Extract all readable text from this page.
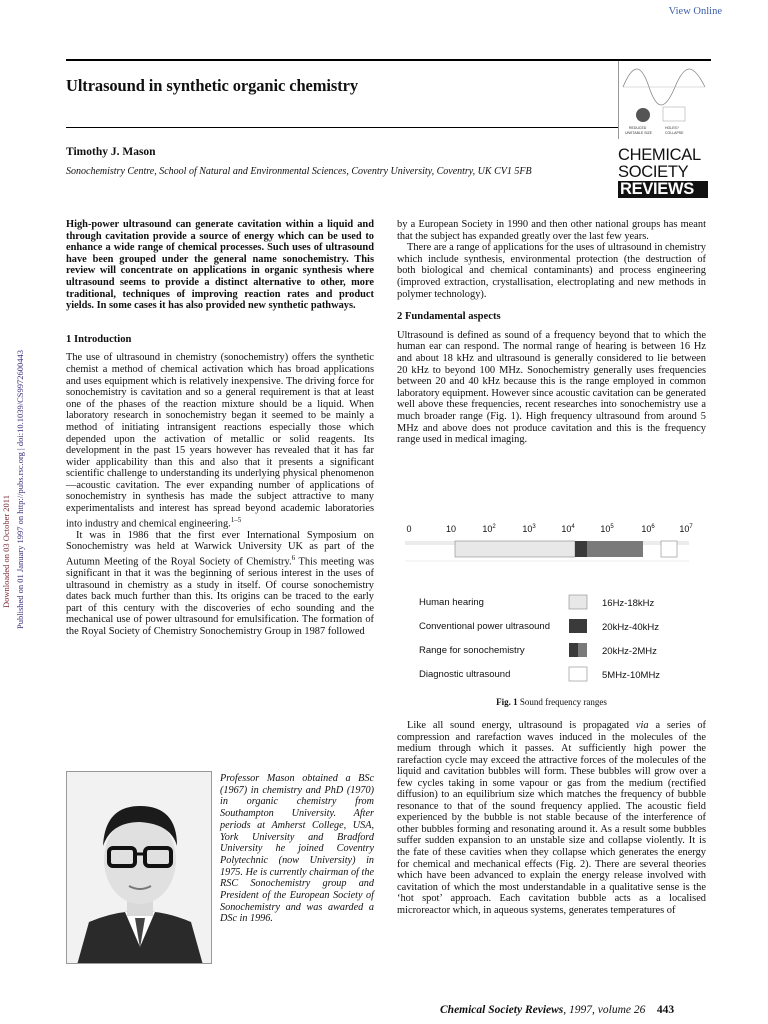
View Online
Ultrasound in synthetic organic chemistry
Timothy J. Mason
Sonochemistry Centre, School of Natural and Environmental Sciences, Coventry University, Coventry, UK CV1 5FB
REDUCED	HOLES?
UNSTABLE SIZE	COLLAPSE
CHEMICAL
SOCIETY
REVIEWS
Downloaded on 03 October 2011 Published on 01 January 1997 on http://pubs.rsc.org | doi:10.1039/CS9972600443

High-power ultrasound can generate cavitation within a liquid and through cavitation provide a source of energy which can be used to enhance a wide range of chemical processes. Such uses of ultrasound have been grouped under the general name sonochemistry. This review will concentrate on applications in organic synthesis where ultrasound seems to provide a distinct alternative to other, more traditional, techniques of improving reaction rates and product yields. In some cases it has also provided new synthetic pathways.

1 Introduction

The use of ultrasound in chemistry (sonochemistry) offers the synthetic chemist a method of chemical activation which has broad applications and uses equipment which is relatively inexpensive. The driving force for sonochemistry is cavitation and so a general requirement is that at least one of the phases of the reaction mixture should be a liquid. When laboratory research in sonochemistry began it seemed to be mainly a method of initiating intransigent reactions especially those which depended upon the activation of metallic or solid reagents. Its development in the past 15 years however has revealed that it has far wider applicability than this and also that it presents a significant scientific challenge to understanding its underlying physical phenomenon—acoustic cavitation. The ever expanding number of applications of sonochemistry in synthesis has made the subject attractive to many experimentalists and interest has spread beyond academic laboratories into industry and chemical engineering.$^{1-5}$

It was in 1986 that the first ever International Symposium on Sonochemistry was held at Warwick University UK as part of the Autumn Meeting of the Royal Society of Chemistry.$^6$ This meeting was significant in that it was the beginning of serious interest in the uses of ultrasound in chemistry as a study in itself. Of course sonochemistry dates back much further than this. Its origins can be traced to the early part of this century with the discoveries of echo sounding and the mechanical use of power ultrasound for emulsification. The formation of the Royal Society of Chemistry Sonochemistry Group in 1987 followed

by a European Society in 1990 and then other national groups has meant that the subject has expanded greatly over the last few years.

There are a range of applications for the uses of ultrasound in chemistry which include synthesis, environmental protection (the destruction of both biological and chemical contaminants) and process engineering (improved extraction, crystallisation, electroplating and new methods in polymer technology).

2 Fundamental aspects

Ultrasound is defined as sound of a frequency beyond that to which the human ear can respond. The normal range of hearing is between 16 Hz and about 18 kHz and ultrasound is generally considered to lie between 20 kHz to beyond 100 MHz. Sonochemistry generally uses frequencies between 20 and 40 kHz because this is the range employed in common laboratory equipment. However since acoustic cavitation can be generated well above these frequencies, recent researches into sonochemistry use a much broader range (Fig. 1). High frequency ultrasound from around 5 MHz and above does not produce cavitation and this is the frequency range used in medical imaging.

0	10	$10^2$	$10^3$	$10^4$	$10^5$	$10^6$	$10^7$
Human hearing
Conventional power ultrasound
Range for sonochemistry
Diagnostic ultrasound
16Hz-18kHz
20kHz-40kHz
20kHz-2MHz
5MHz-10MHz
Fig. 1 Sound frequency ranges

Like all sound energy, ultrasound is propagated via a series of compression and rarefaction waves induced in the molecules of the medium through which it passes. At sufficiently high power the rarefaction cycle may exceed the attractive forces of the molecules of the liquid and cavitation bubbles will form. These bubbles will grow over a few cycles taking in some vapour or gas from the medium (rectified diffusion) to an equilibrium size which matches the frequency of bubble resonance to that of the sound frequency applied. The acoustic field experienced by the bubble is not stable because of the interference of other bubbles forming and resonating around it. As a result some bubbles suffer sudden expansion to an unstable size and collapse violently. It is the fate of these cavities when they collapse which generates the energy for chemical and mechanical effects (Fig. 2). There are several theories which have been advanced to explain the energy release involved with cavitation of which the most understandable in a qualitative sense is the ‘hot spot’ approach. Each cavitation bubble acts as a localised microreactor which, in aqueous systems, generates temperatures of

Professor Mason obtained a BSc (1967) in chemistry and PhD (1970) in organic chemistry from Southampton University. After periods at Amherst College, USA, York University and Bradford University he joined Coventry Polytechnic (now University) in 1975. He is currently chairman of the RSC Sonochemistry group and President of the European Society of Sonochemistry and was awarded a DSc in 1996.
Chemical Society Reviews, 1997, volume 26 443
